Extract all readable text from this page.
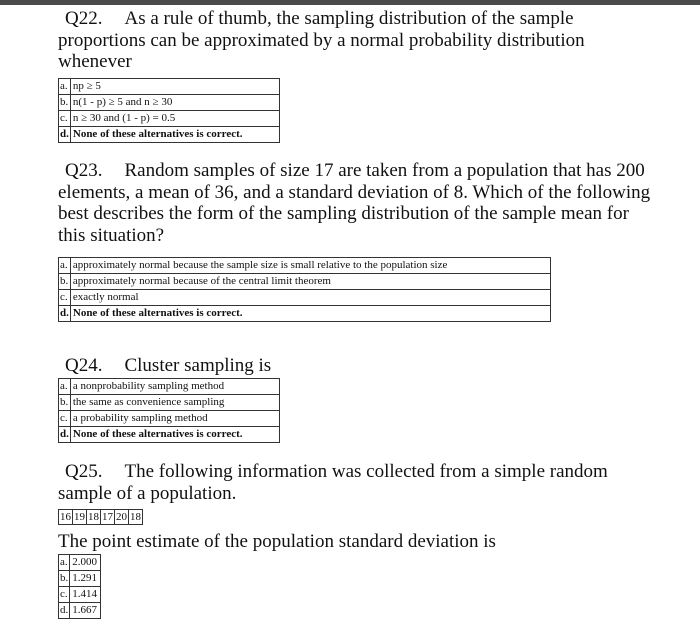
Q22. As a rule of thumb, the sampling distribution of the sample proportions can be approximated by a normal probability distribution whenever
a.	np ≥ 5
b.	n(1 - p) ≥ 5 and n ≥ 30
c.	n ≥ 30 and (1 - p) = 0.5
d.	None of these alternatives is correct.
Q23. Random samples of size 17 are taken from a population that has 200 elements, a mean of 36, and a standard deviation of 8. Which of the following best describes the form of the sampling distribution of the sample mean for this situation?
a.	approximately normal because the sample size is small relative to the population size
b.	approximately normal because of the central limit theorem
c.	exactly normal
d.	None of these alternatives is correct.
Q24. Cluster sampling is
a.	a nonprobability sampling method
b.	the same as convenience sampling
c.	a probability sampling method
d.	None of these alternatives is correct.
Q25. The following information was collected from a simple random sample of a population.
16	19	18	17	20	18
The point estimate of the population standard deviation is
a.	2.000
b.	1.291
c.	1.414
d.	1.667
